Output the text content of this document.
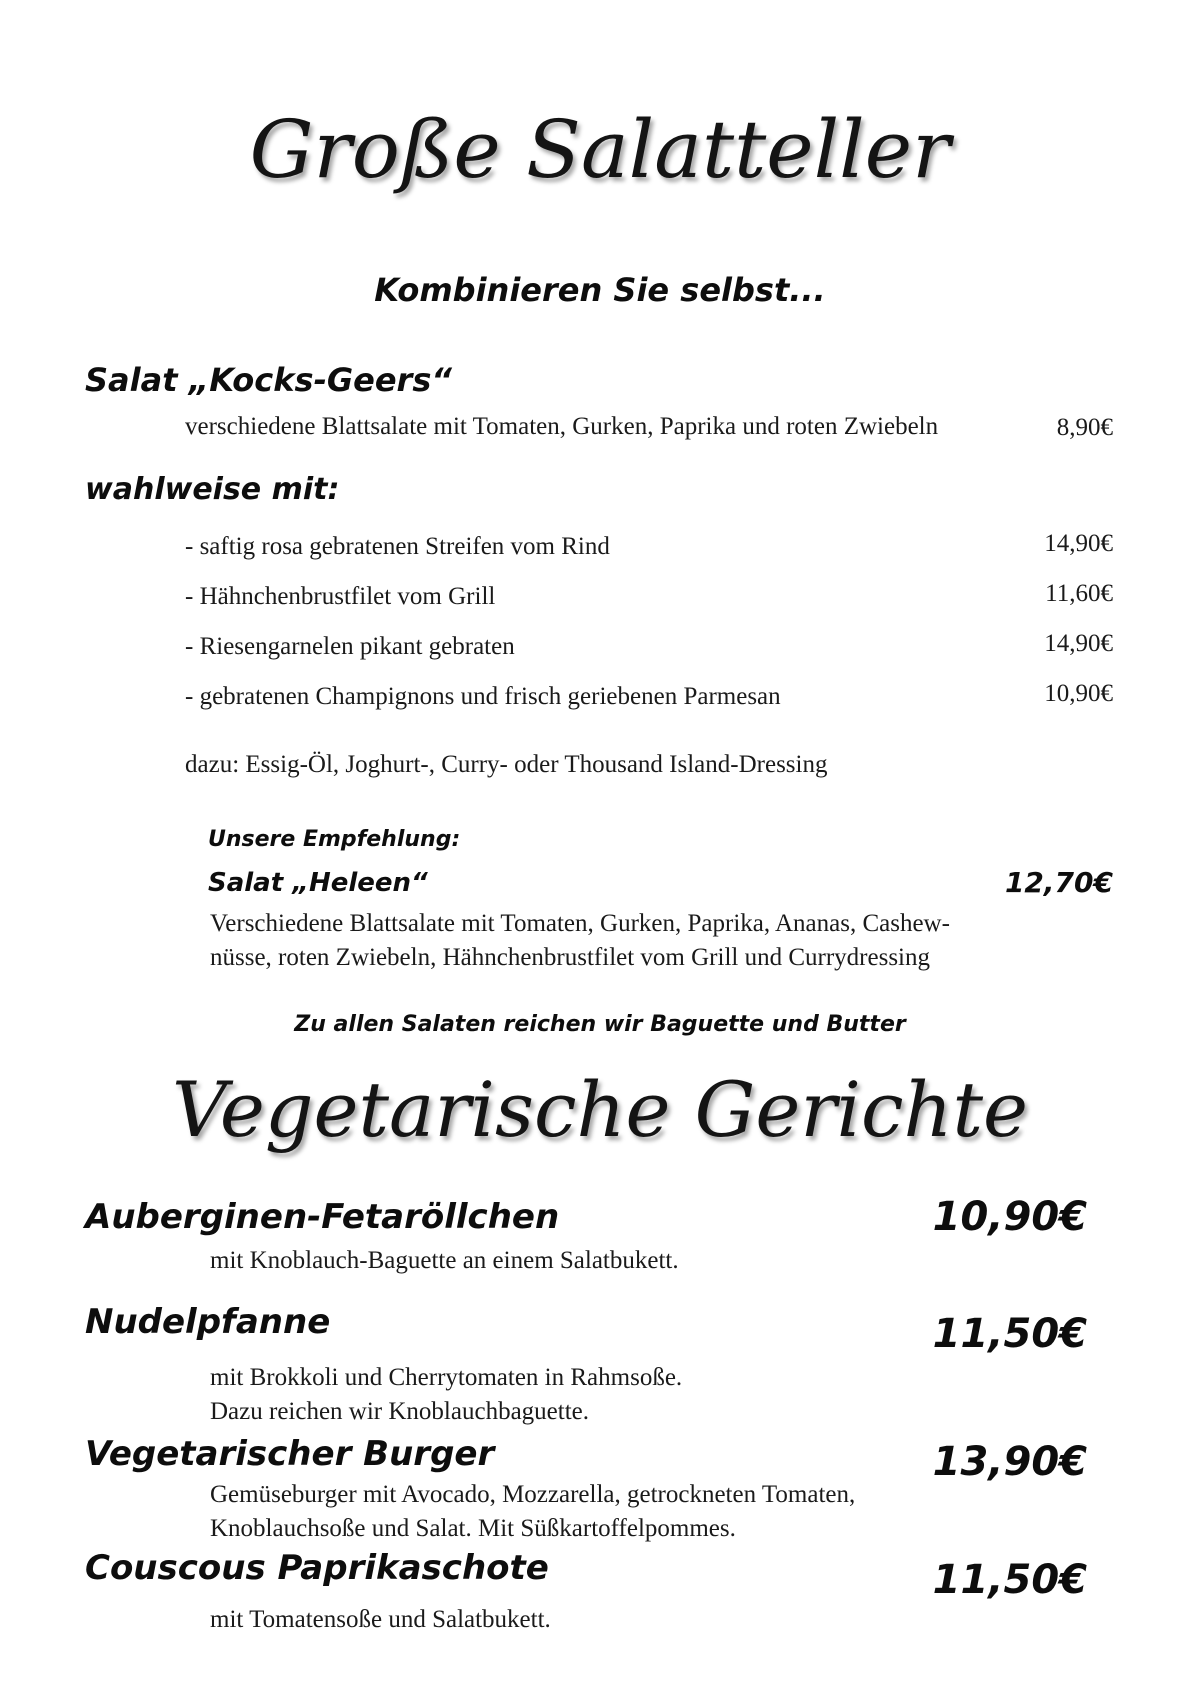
Große Salatteller
Kombinieren Sie selbst...
Salat „Kocks-Geers“
verschiedene Blattsalate mit Tomaten, Gurken, Paprika und roten Zwiebeln	8,90€
wahlweise mit:
- saftig rosa gebratenen Streifen vom Rind	14,90€
- Hähnchenbrustfilet vom Grill	11,60€
- Riesengarnelen pikant gebraten	14,90€
- gebratenen Champignons und frisch geriebenen Parmesan	10,90€
dazu: Essig-Öl, Joghurt-, Curry- oder Thousand Island-Dressing
Unsere Empfehlung:
Salat „Heleen“	12,70€
Verschiedene Blattsalate mit Tomaten, Gurken, Paprika, Ananas, Cashew-
nüsse, roten Zwiebeln, Hähnchenbrustfilet vom Grill und Currydressing
Zu allen Salaten reichen wir Baguette und Butter
Vegetarische Gerichte
Auberginen-Fetaröllchen	10,90€
mit Knoblauch-Baguette an einem Salatbukett.
Nudelpfanne	11,50€
mit Brokkoli und Cherrytomaten in Rahmsoße.
Dazu reichen wir Knoblauchbaguette.
Vegetarischer Burger	13,90€
Gemüseburger mit Avocado, Mozzarella, getrockneten Tomaten,
Knoblauchsoße und Salat. Mit Süßkartoffelpommes.
Couscous Paprikaschote	11,50€
mit Tomatensoße und Salatbukett.
